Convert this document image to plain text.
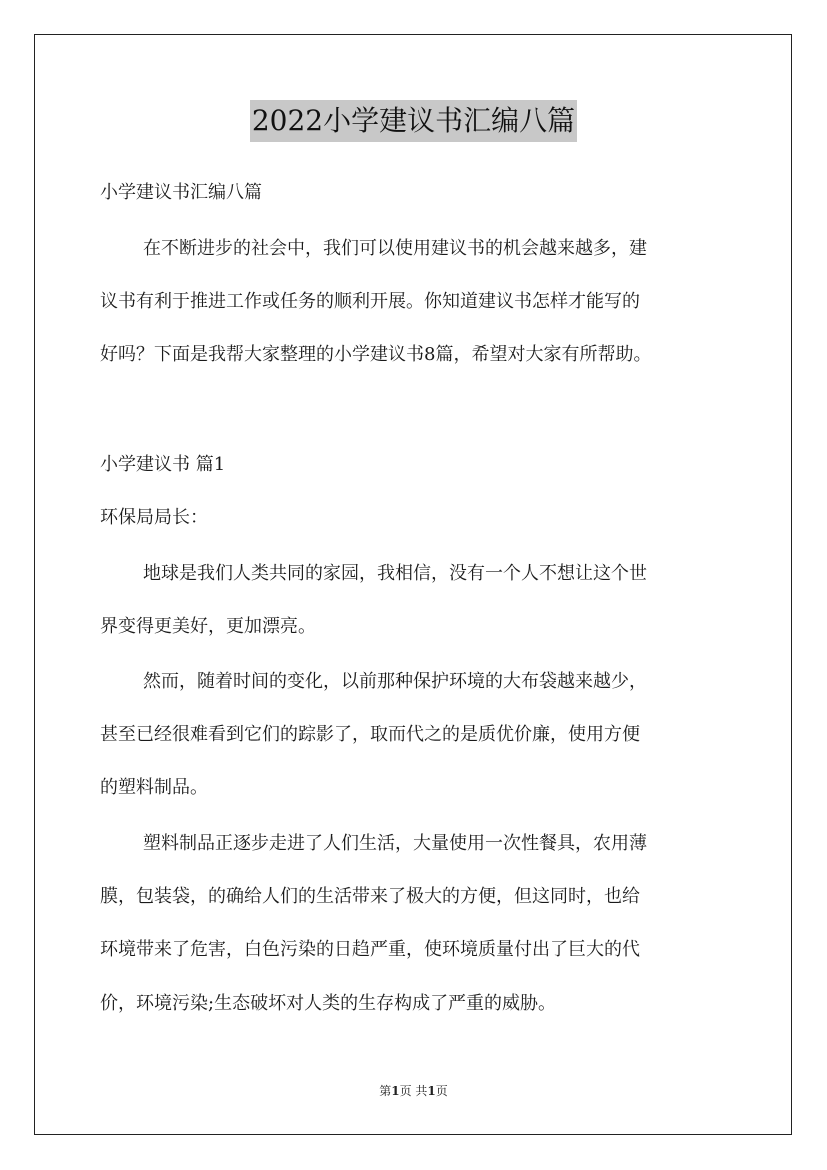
2022小学建议书汇编八篇
小学建议书汇编八篇
在不断进步的社会中，我们可以使用建议书的机会越来越多，建
议书有利于推进工作或任务的顺利开展。你知道建议书怎样才能写的
好吗？下面是我帮大家整理的小学建议书8篇，希望对大家有所帮助。
小学建议书 篇1
环保局局长：
地球是我们人类共同的家园，我相信，没有一个人不想让这个世
界变得更美好，更加漂亮。
然而，随着时间的变化，以前那种保护环境的大布袋越来越少，
甚至已经很难看到它们的踪影了，取而代之的是质优价廉，使用方便
的塑料制品。
塑料制品正逐步走进了人们生活，大量使用一次性餐具，农用薄
膜，包装袋，的确给人们的生活带来了极大的方便，但这同时，也给
环境带来了危害，白色污染的日趋严重，使环境质量付出了巨大的代
价，环境污染;生态破坏对人类的生存构成了严重的威胁。
第1页 共1页
